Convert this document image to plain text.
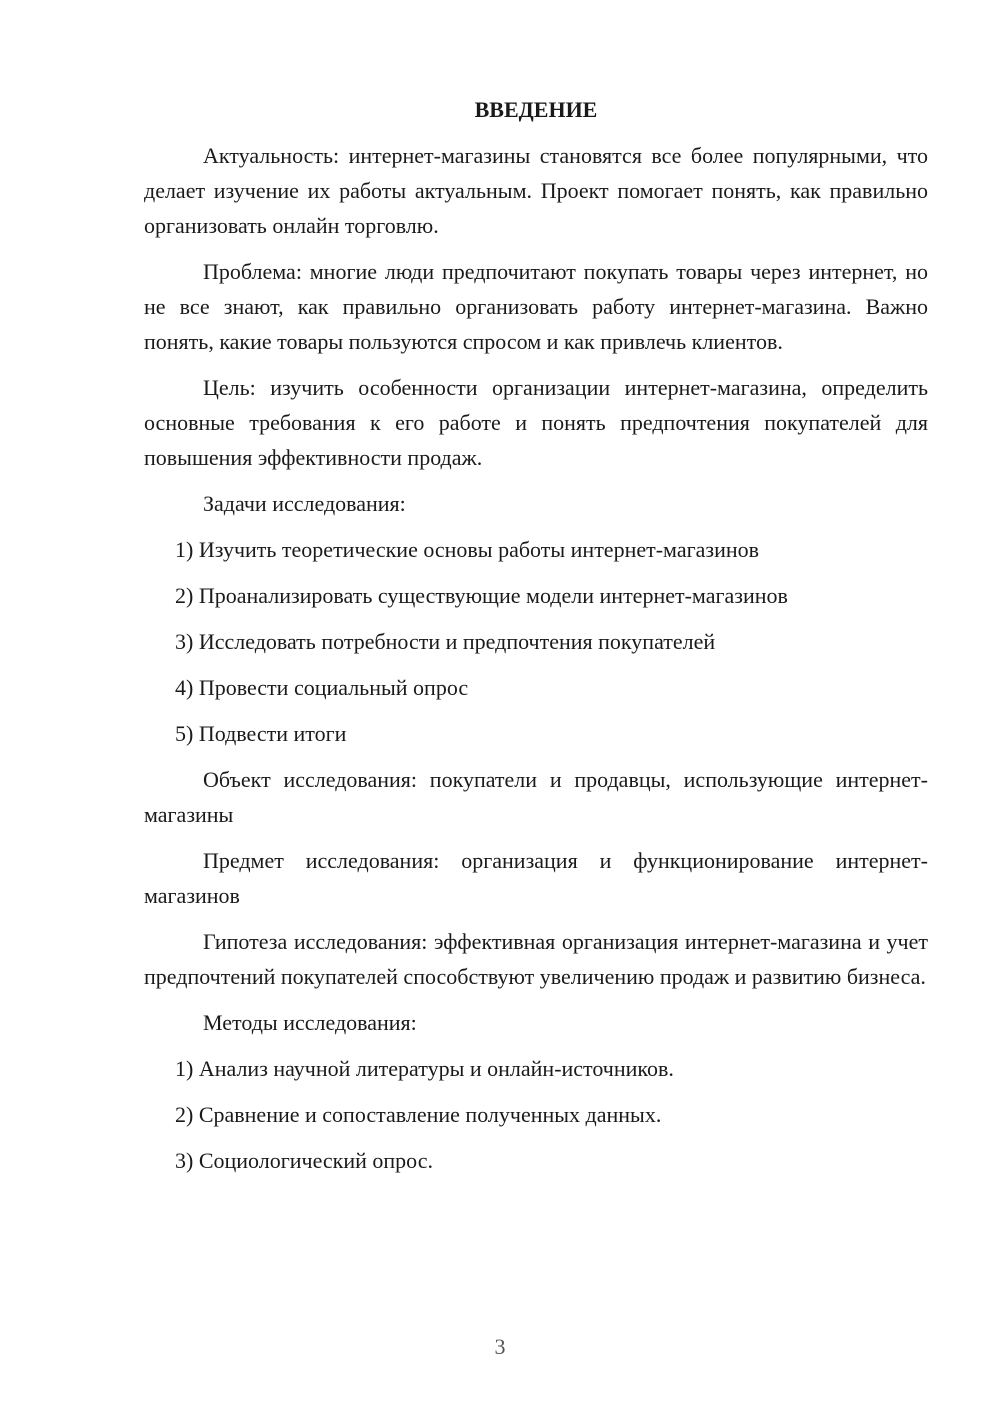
ВВЕДЕНИЕ

Актуальность: интернет-магазины становятся все более популярными, что делает изучение их работы актуальным. Проект помогает понять, как правильно организовать онлайн торговлю.

Проблема: многие люди предпочитают покупать товары через интернет, но не все знают, как правильно организовать работу интернет-магазина. Важно понять, какие товары пользуются спросом и как привлечь клиентов.

Цель: изучить особенности организации интернет-магазина, определить основные требования к его работе и понять предпочтения покупателей для повышения эффективности продаж.

Задачи исследования:

1) Изучить теоретические основы работы интернет-магазинов
2) Проанализировать существующие модели интернет-магазинов
3) Исследовать потребности и предпочтения покупателей
4) Провести социальный опрос
5) Подвести итоги

Объект исследования: покупатели и продавцы, использующие интернет-магазины

Предмет исследования: организация и функционирование интернет-магазинов

Гипотеза исследования: эффективная организация интернет-магазина и учет предпочтений покупателей способствуют увеличению продаж и развитию бизнеса.

Методы исследования:

1) Анализ научной литературы и онлайн-источников.
2) Сравнение и сопоставление полученных данных.
3) Социологический опрос.
3
